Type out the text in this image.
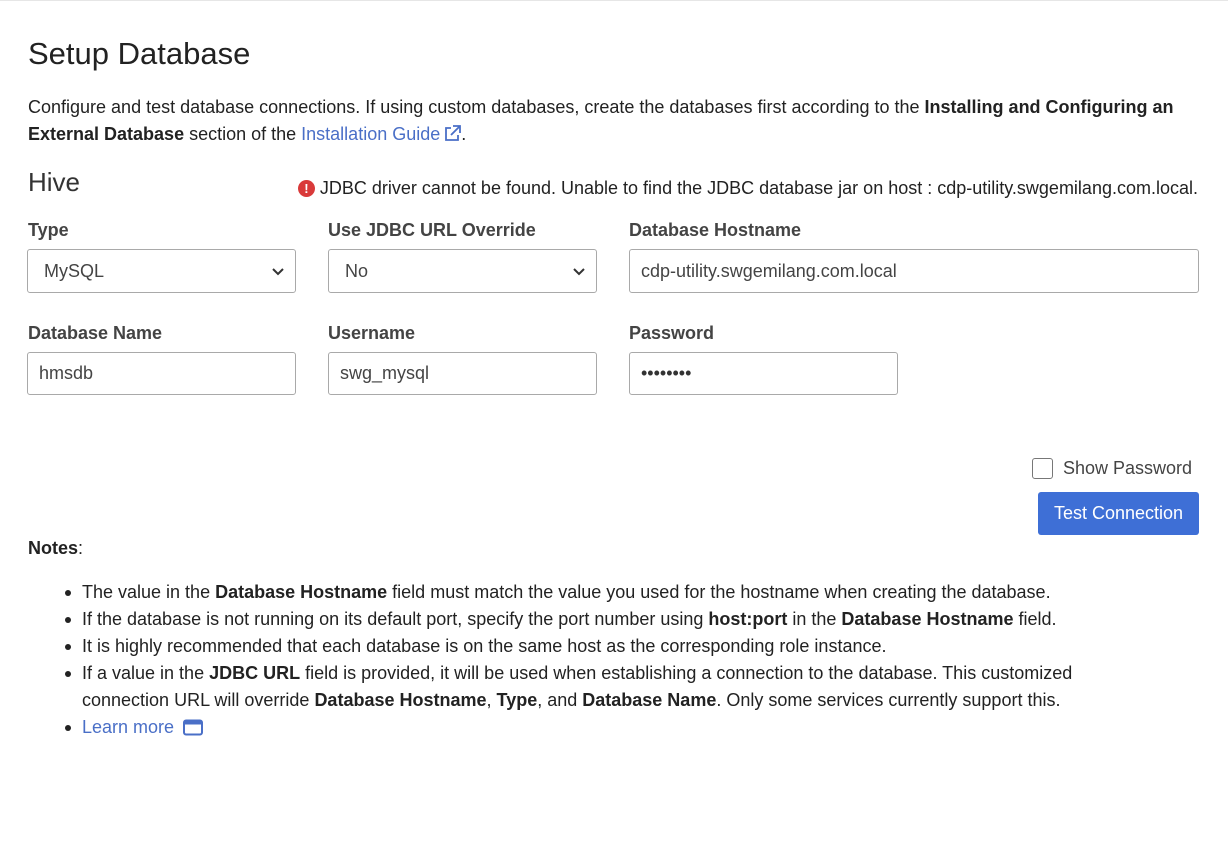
Setup Database

Configure and test database connections. If using custom databases, create the databases first according to the Installing and Configuring an External Database section of the Installation Guide .

Hive	! JDBC driver cannot be found. Unable to find the JDBC database jar on host : cdp-utility.swgemilang.com.local.
Type
MySQL
Use JDBC URL Override
No
Database Hostname
cdp-utility.swgemilang.com.local
Database Name
hmsdb
Username
swg_mysql
Password
••••••••
Show Password
Test Connection
Notes:
The value in the Database Hostname field must match the value you used for the hostname when creating the database.
If the database is not running on its default port, specify the port number using host:port in the Database Hostname field.
It is highly recommended that each database is on the same host as the corresponding role instance.
If a value in the JDBC URL field is provided, it will be used when establishing a connection to the database. This customized connection URL will override Database Hostname, Type, and Database Name. Only some services currently support this.
Learn more
